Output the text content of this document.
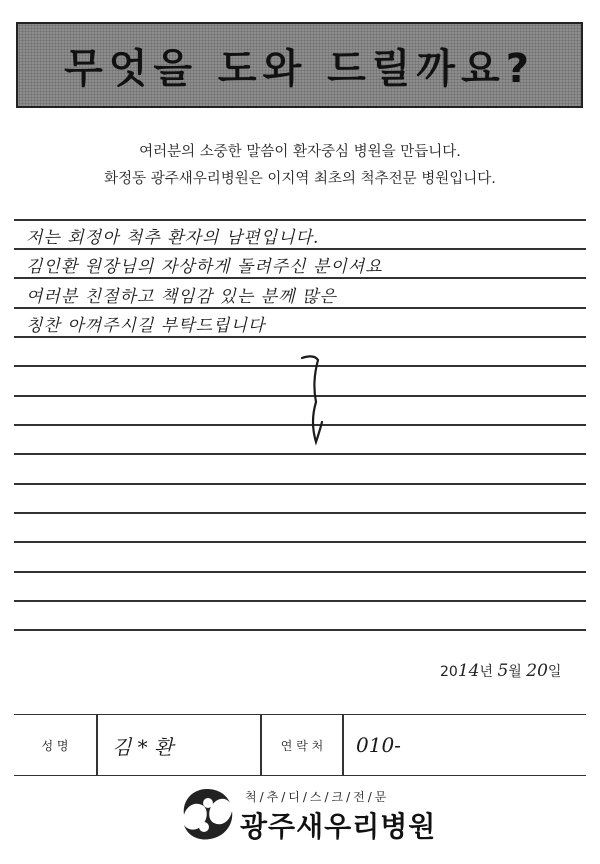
무엇을 도와 드릴까요?
여러분의 소중한 말씀이 환자중심 병원을 만듭니다.
화정동 광주새우리병원은 이지역 최초의 척추전문 병원입니다.
저는 회정아 척추 환자의 남편입니다.
김인환 원장님의 자상하게 돌려주신 분이셔요
여러분 친절하고 책임감 있는 분께 많은
칭찬 아껴주시길 부탁드립니다
2014년 5월 20일
성 명	김 * 환	연 락 처	010-
척/추/디/스/크/전/문
광주새우리병원
